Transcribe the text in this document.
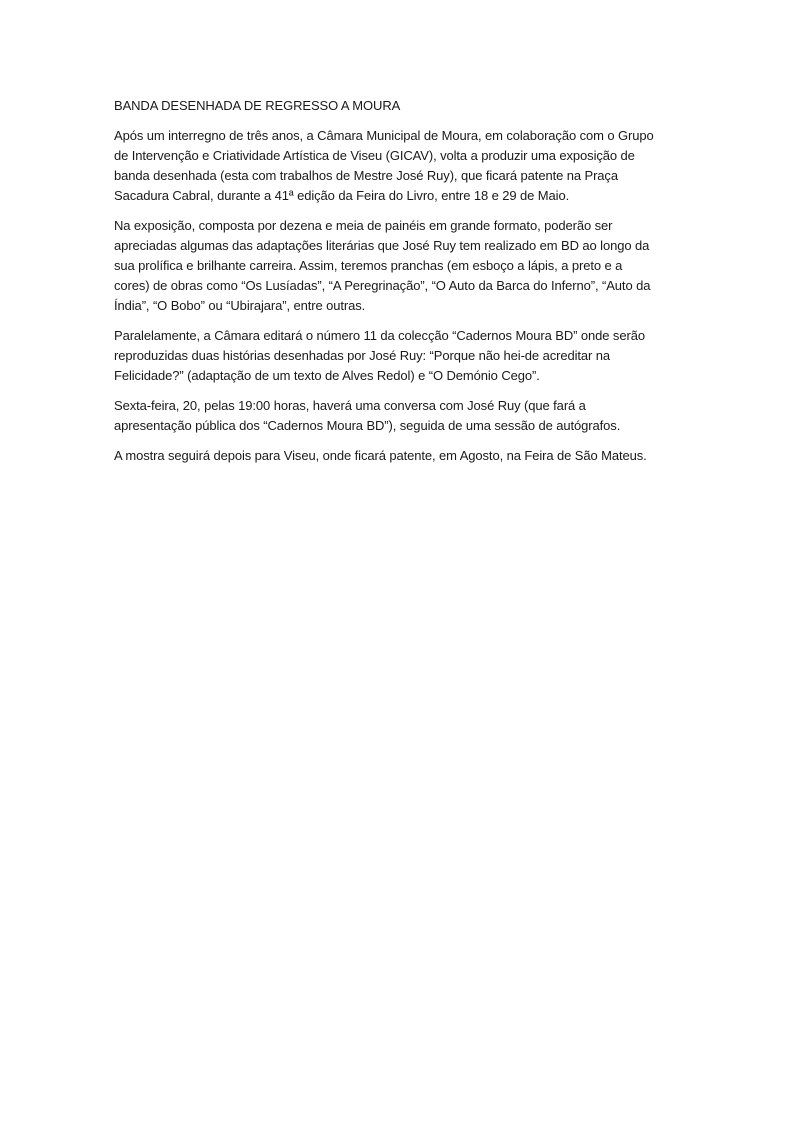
BANDA DESENHADA DE REGRESSO A MOURA

Após um interregno de três anos, a Câmara Municipal de Moura, em colaboração com o Grupo
de Intervenção e Criatividade Artística de Viseu (GICAV), volta a produzir uma exposição de
banda desenhada (esta com trabalhos de Mestre José Ruy), que ficará patente na Praça
Sacadura Cabral, durante a 41ª edição da Feira do Livro, entre 18 e 29 de Maio.

Na exposição, composta por dezena e meia de painéis em grande formato, poderão ser
apreciadas algumas das adaptações literárias que José Ruy tem realizado em BD ao longo da
sua prolífica e brilhante carreira. Assim, teremos pranchas (em esboço a lápis, a preto e a
cores) de obras como “Os Lusíadas”, “A Peregrinação”, “O Auto da Barca do Inferno”, “Auto da
Índia”, “O Bobo” ou “Ubirajara”, entre outras.

Paralelamente, a Câmara editará o número 11 da colecção “Cadernos Moura BD” onde serão
reproduzidas duas histórias desenhadas por José Ruy: “Porque não hei-de acreditar na
Felicidade?” (adaptação de um texto de Alves Redol) e “O Demónio Cego”.

Sexta-feira, 20, pelas 19:00 horas, haverá uma conversa com José Ruy (que fará a
apresentação pública dos “Cadernos Moura BD”), seguida de uma sessão de autógrafos.

A mostra seguirá depois para Viseu, onde ficará patente, em Agosto, na Feira de São Mateus.
